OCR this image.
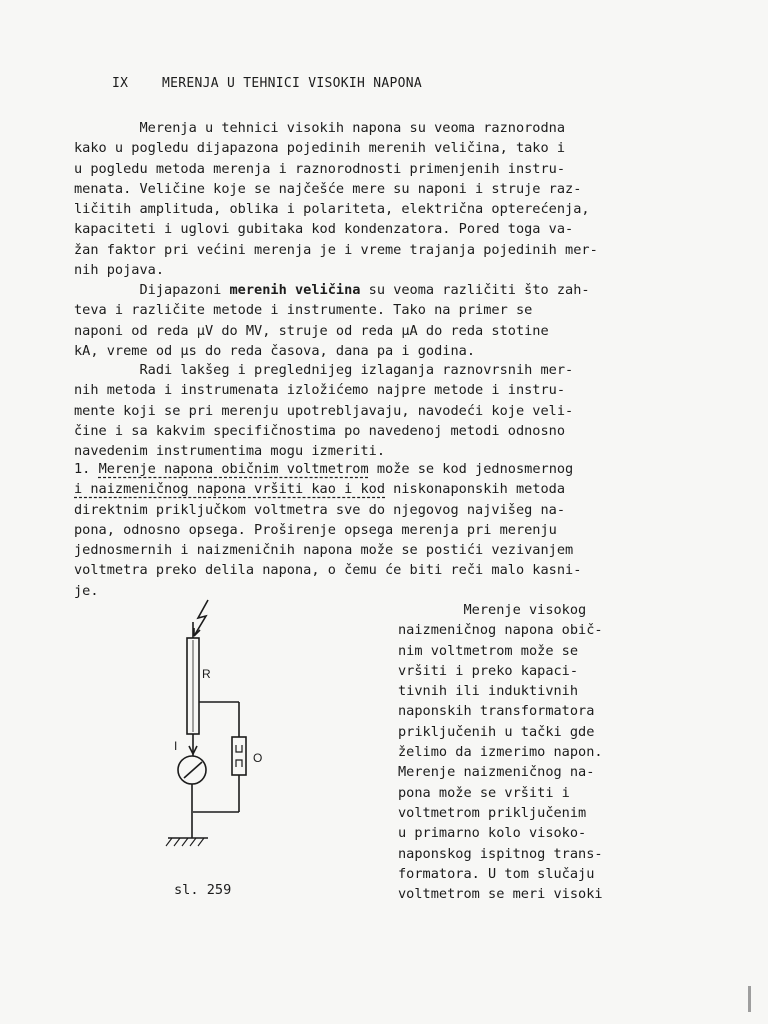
IX	MERENJA U TEHNICI VISOKIH NAPONA
Merenja u tehnici visokih napona su veoma raznorodna
kako u pogledu dijapazona pojedinih merenih veličina, tako i
u pogledu metoda merenja i raznorodnosti primenjenih instru-
menata. Veličine koje se najčešće mere su naponi i struje raz-
ličitih amplituda, oblika i polariteta, električna opterećenja,
kapaciteti i uglovi gubitaka kod kondenzatora. Pored toga va-
žan faktor pri većini merenja je i vreme trajanja pojedinih mer-
nih pojava.
Dijapazoni merenih veličina su veoma različiti što zah-
teva i različite metode i instrumente. Tako na primer se
naponi od reda µV do MV, struje od reda µA do reda stotine
kA, vreme od µs do reda časova, dana pa i godina.
Radi lakšeg i preglednijeg izlaganja raznovrsnih mer-
nih metoda i instrumenata izložićemo najpre metode i instru-
mente koji se pri merenju upotrebljavaju, navodeći koje veli-
čine i sa kakvim specifičnostima po navedenoj metodi odnosno
navedenim instrumentima mogu izmeriti.
1. Merenje napona običnim voltmetrom može se kod jednosmernog
i naizmeničnog napona vršiti kao i kod niskonaponskih metoda
direktnim priključkom voltmetra sve do njegovog najvišeg na-
pona, odnosno opsega. Proširenje opsega merenja pri merenju
jednosmernih i naizmeničnih napona može se postići vezivanjem
voltmetra preko delila napona, o čemu će biti reči malo kasni-
je.
R
I
O
sl. 259
Merenje visokog
naizmeničnog napona obič-
nim voltmetrom može se
vršiti i preko kapaci-
tivnih ili induktivnih
naponskih transformatora
priključenih u tački gde
želimo da izmerimo napon.
Merenje naizmeničnog na-
pona može se vršiti i
voltmetrom priključenim
u primarno kolo visoko-
naponskog ispitnog trans-
formatora. U tom slučaju
voltmetrom se meri visoki
